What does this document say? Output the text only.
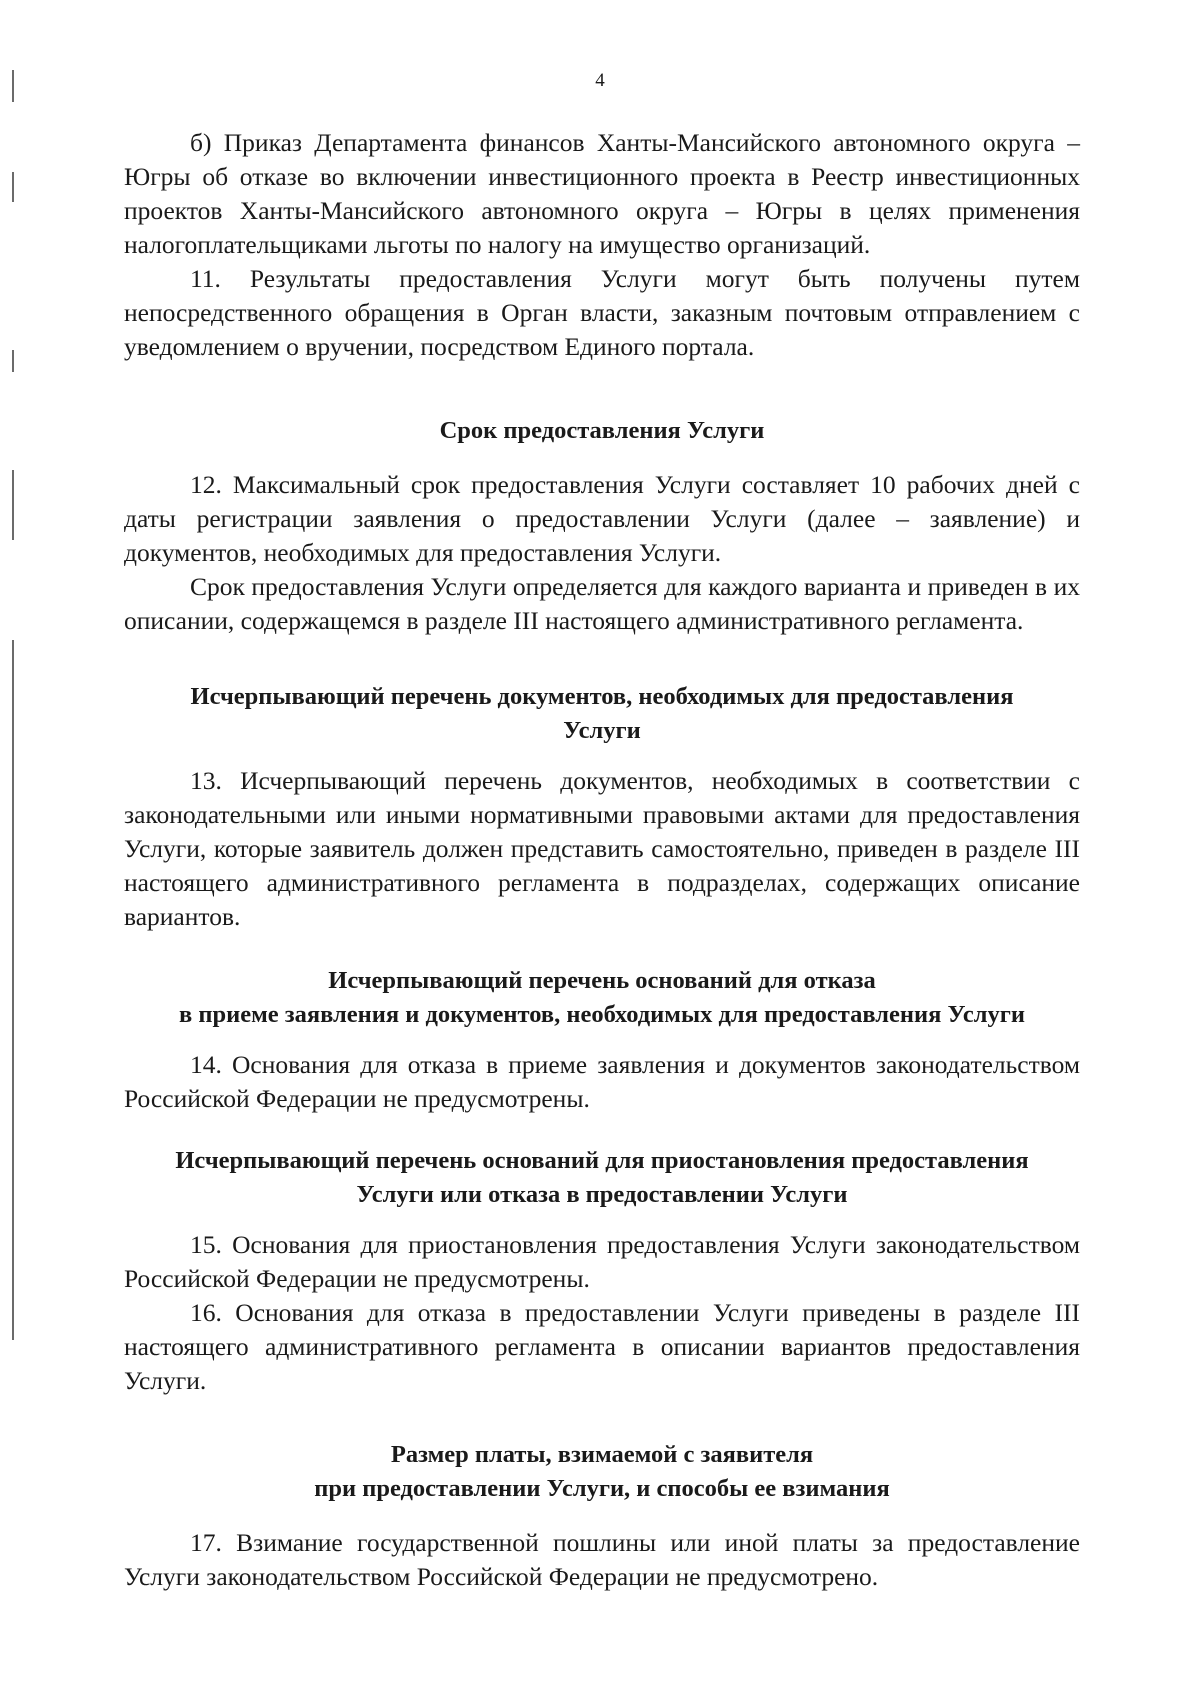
4

б) Приказ Департамента финансов Ханты-Мансийского автономного округа – Югры об отказе во включении инвестиционного проекта в Реестр инвестиционных проектов Ханты-Мансийского автономного округа – Югры в целях применения налогоплательщиками льготы по налогу на имущество организаций.

11. Результаты предоставления Услуги могут быть получены путем непосредственного обращения в Орган власти, заказным почтовым отправлением с уведомлением о вручении, посредством Единого портала.

Срок предоставления Услуги

12. Максимальный срок предоставления Услуги составляет 10 рабочих дней с даты регистрации заявления о предоставлении Услуги (далее – заявление) и документов, необходимых для предоставления Услуги.

Срок предоставления Услуги определяется для каждого варианта и приведен в их описании, содержащемся в разделе III настоящего административного регламента.

Исчерпывающий перечень документов, необходимых для предоставления
Услуги

13. Исчерпывающий перечень документов, необходимых в соответствии с законодательными или иными нормативными правовыми актами для предоставления Услуги, которые заявитель должен представить самостоятельно, приведен в разделе III настоящего административного регламента в подразделах, содержащих описание вариантов.

Исчерпывающий перечень оснований для отказа
в приеме заявления и документов, необходимых для предоставления Услуги

14. Основания для отказа в приеме заявления и документов законодательством Российской Федерации не предусмотрены.

Исчерпывающий перечень оснований для приостановления предоставления
Услуги или отказа в предоставлении Услуги

15. Основания для приостановления предоставления Услуги законодательством Российской Федерации не предусмотрены.

16. Основания для отказа в предоставлении Услуги приведены в разделе III настоящего административного регламента в описании вариантов предоставления Услуги.

Размер платы, взимаемой с заявителя
при предоставлении Услуги, и способы ее взимания

17. Взимание государственной пошлины или иной платы за предоставление Услуги законодательством Российской Федерации не предусмотрено.
